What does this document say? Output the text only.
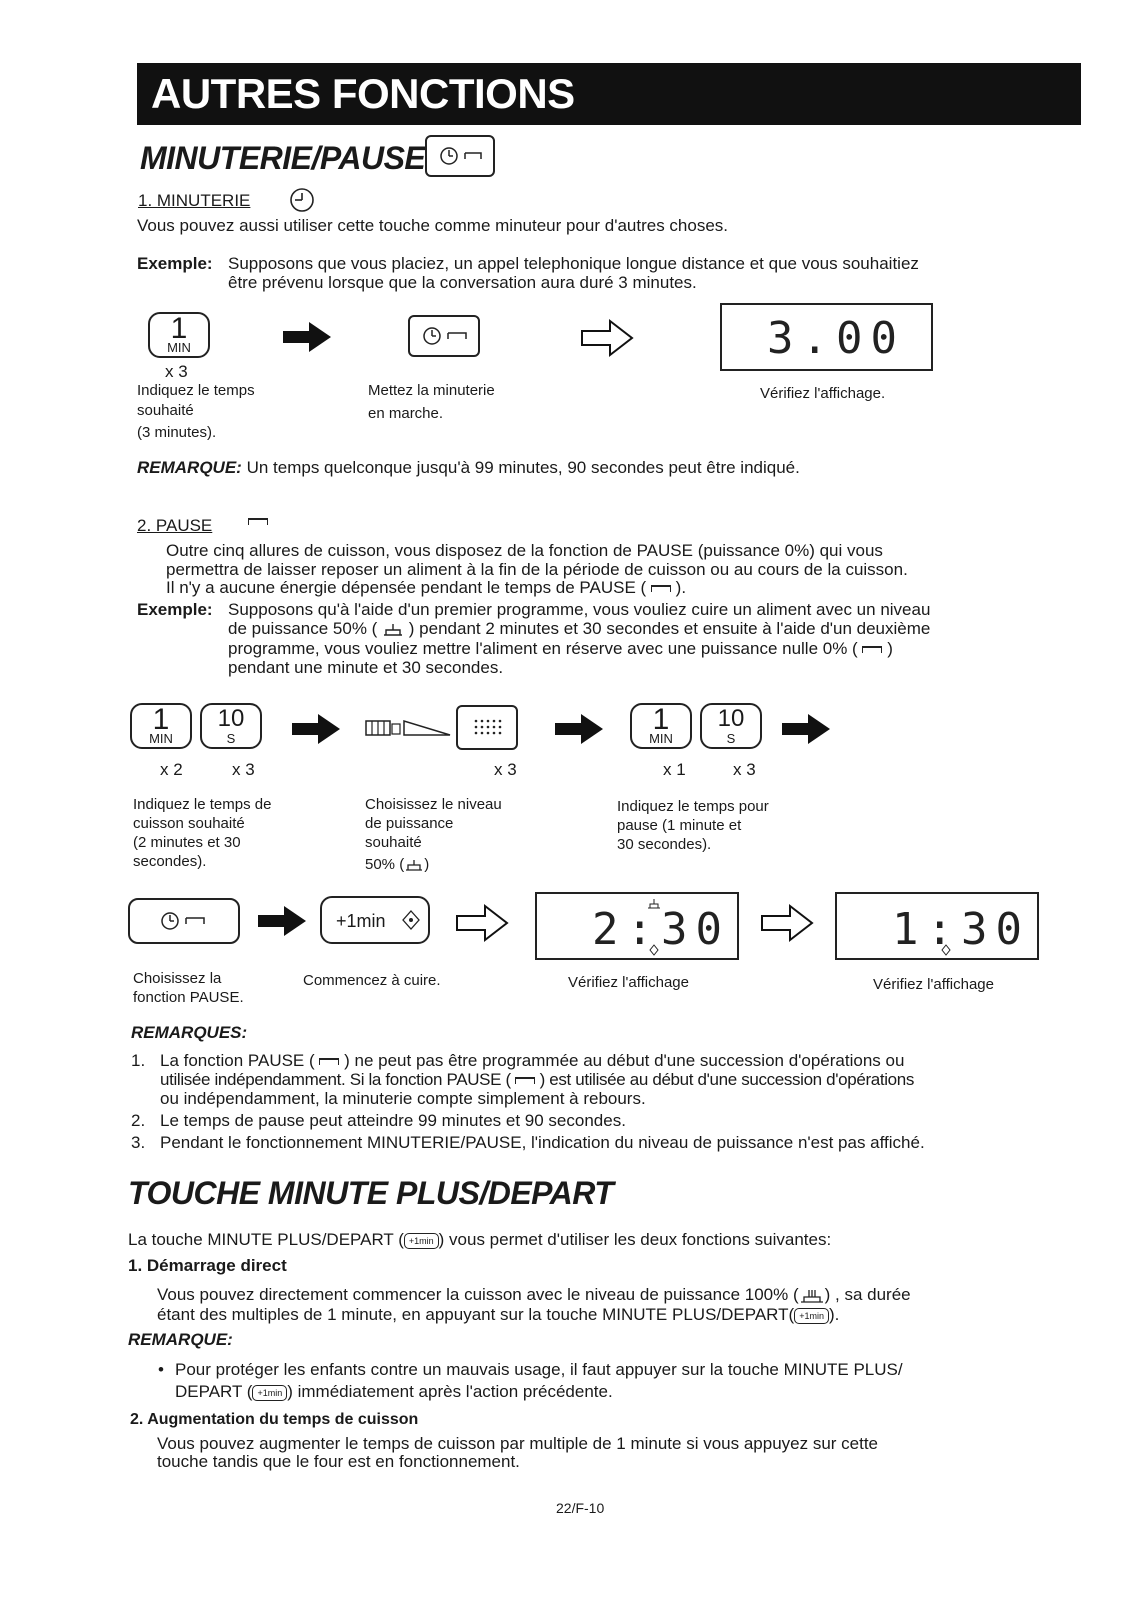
AUTRES FONCTIONS
MINUTERIE/PAUSE
1. MINUTERIE
Vous pouvez aussi utiliser cette touche comme minuteur pour d'autres choses.
Exemple: Supposons que vous placiez, un appel telephonique longue distance et que vous souhaitiez
être prévenu lorsque que la conversation aura duré 3 minutes.
1
MIN
x 3
3.00
Indiquez le temps
souhaité
(3 minutes).
Mettez la minuterie
en marche.
Vérifiez l'affichage.
REMARQUE: Un temps quelconque jusqu'à 99 minutes, 90 secondes peut être indiqué.
2. PAUSE
Outre cinq allures de cuisson, vous disposez de la fonction de PAUSE (puissance 0%) qui vous
permettra de laisser reposer un aliment à la fin de la période de cuisson ou au cours de la cuisson.
Il n'y a aucune énergie dépensée pendant le temps de PAUSE ( ).
Exemple: Supposons qu'à l'aide d'un premier programme, vous vouliez cuire un aliment avec un niveau
de puissance 50% ( ) pendant 2 minutes et 30 secondes et ensuite à l'aide d'un deuxième
programme, vous vouliez mettre l'aliment en réserve avec une puissance nulle 0% ( )
pendant une minute et 30 secondes.
1
MIN
10
S
x 2	x 3	x 3
1
MIN
10
S
x 1	x 3
Indiquez le temps de
cuisson souhaité
(2 minutes et 30
secondes).
Choisissez le niveau
de puissance
souhaité
50% ( )
Indiquez le temps pour
pause (1 minute et
30 secondes).
+1min	2:30	1:30
Choisissez la
fonction PAUSE.
Commencez à cuire.	Vérifiez l'affichage	Vérifiez l'affichage
REMARQUES:
1. La fonction PAUSE ( ) ne peut pas être programmée au début d'une succession d'opérations ou
utilisée indépendamment. Si la fonction PAUSE ( ) est utilisée au début d'une succession d'opérations
ou indépendamment, la minuterie compte simplement à rebours.
2. Le temps de pause peut atteindre 99 minutes et 90 secondes.
3. Pendant le fonctionnement MINUTERIE/PAUSE, l'indication du niveau de puissance n'est pas affiché.
TOUCHE MINUTE PLUS/DEPART
La touche MINUTE PLUS/DEPART ( +1min ) vous permet d'utiliser les deux fonctions suivantes:
1. Démarrage direct
Vous pouvez directement commencer la cuisson avec le niveau de puissance 100% ( ) , sa durée
étant des multiples de 1 minute, en appuyant sur la touche MINUTE PLUS/DEPART( +1min ).
REMARQUE:
• Pour protéger les enfants contre un mauvais usage, il faut appuyer sur la touche MINUTE PLUS/
DEPART ( +1min ) immédiatement après l'action précédente.
2. Augmentation du temps de cuisson
Vous pouvez augmenter le temps de cuisson par multiple de 1 minute si vous appuyez sur cette
touche tandis que le four est en fonctionnement.
22/F-10
